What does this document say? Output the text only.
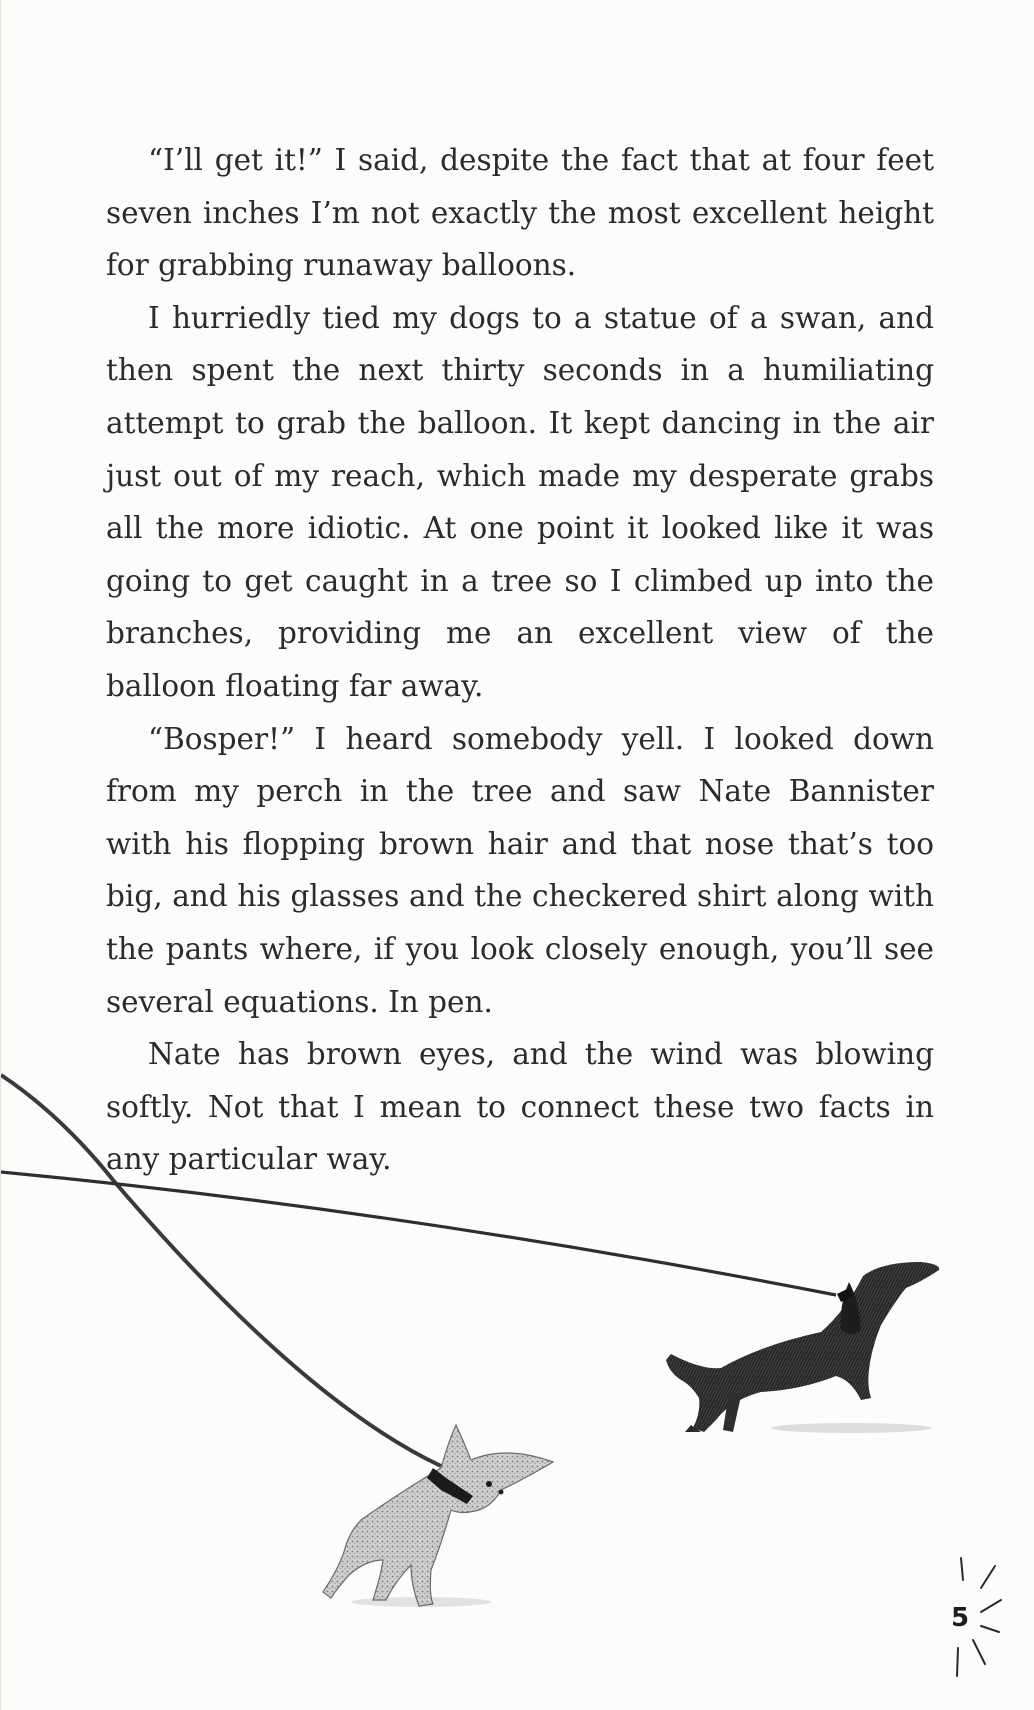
“I’ll get it!” I said, despite the fact that at four feet seven inches I’m not exactly the most excellent height for grabbing runaway balloons.

I hurriedly tied my dogs to a statue of a swan, and then spent the next thirty seconds in a humiliating attempt to grab the balloon. It kept dancing in the air just out of my reach, which made my desperate grabs all the more idiotic. At one point it looked like it was going to get caught in a tree so I climbed up into the branches, providing me an excellent view of the balloon floating far away.

“Bosper!” I heard somebody yell. I looked down from my perch in the tree and saw Nate Bannister with his flopping brown hair and that nose that’s too big, and his glasses and the checkered shirt along with the pants where, if you look closely enough, you’ll see several equations. In pen.

Nate has brown eyes, and the wind was blowing softly. Not that I mean to connect these two facts in any particular way.

5
